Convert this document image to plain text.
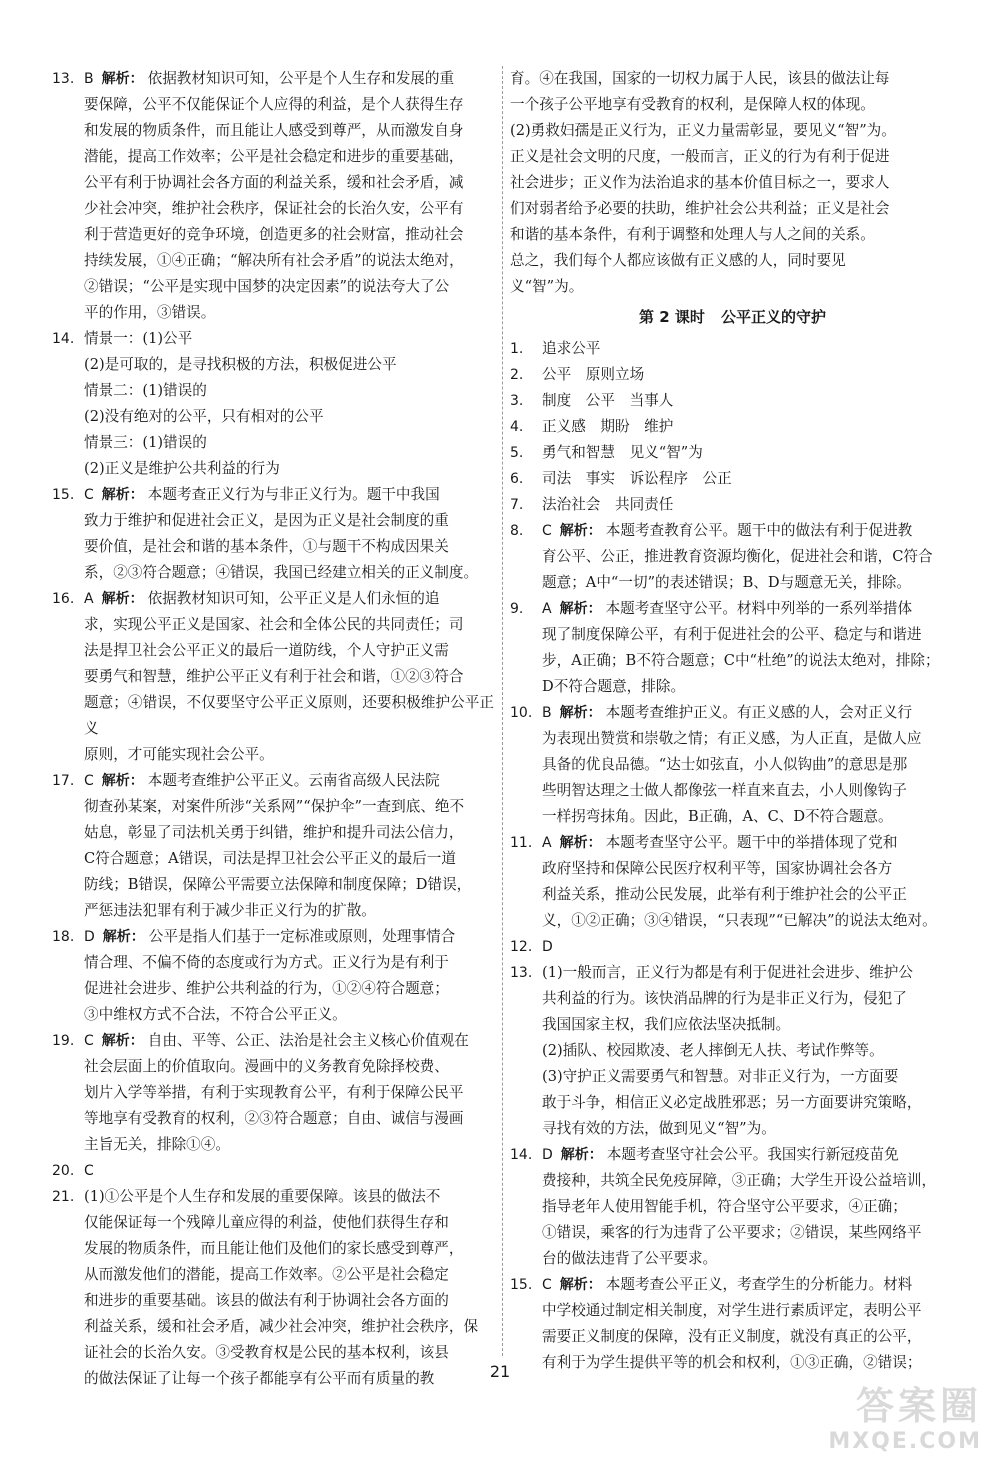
13. B 解析： 依据教材知识可知，公平是个人生存和发展的重
要保障，公平不仅能保证个人应得的利益，是个人获得生存
和发展的物质条件，而且能让人感受到尊严，从而激发自身
潜能，提高工作效率；公平是社会稳定和进步的重要基础，
公平有利于协调社会各方面的利益关系，缓和社会矛盾，减
少社会冲突，维护社会秩序，保证社会的长治久安，公平有
利于营造更好的竞争环境，创造更多的社会财富，推动社会
持续发展，①④正确；“解决所有社会矛盾”的说法太绝对，
②错误；“公平是实现中国梦的决定因素”的说法夸大了公
平的作用，③错误。
14. 情景一：(1)公平
(2)是可取的，是寻找积极的方法，积极促进公平
情景二：(1)错误的
(2)没有绝对的公平，只有相对的公平
情景三：(1)错误的
(2)正义是维护公共利益的行为
15. C 解析： 本题考查正义行为与非正义行为。题干中我国
致力于维护和促进社会正义，是因为正义是社会制度的重
要价值，是社会和谐的基本条件，①与题干不构成因果关
系，②③符合题意；④错误，我国已经建立相关的正义制度。
16. A 解析： 依据教材知识可知，公平正义是人们永恒的追
求，实现公平正义是国家、社会和全体公民的共同责任；司
法是捍卫社会公平正义的最后一道防线，个人守护正义需
要勇气和智慧，维护公平正义有利于社会和谐，①②③符合
题意；④错误，不仅要坚守公平正义原则，还要积极维护公平正义
原则，才可能实现社会公平。
17. C 解析： 本题考查维护公平正义。云南省高级人民法院
彻查孙某案，对案件所涉“关系网”“保护伞”一查到底、绝不
姑息，彰显了司法机关勇于纠错，维护和提升司法公信力，
C符合题意；A错误，司法是捍卫社会公平正义的最后一道
防线；B错误，保障公平需要立法保障和制度保障；D错误，
严惩违法犯罪有利于减少非正义行为的扩散。
18. D 解析： 公平是指人们基于一定标准或原则，处理事情合
情合理、不偏不倚的态度或行为方式。正义行为是有利于
促进社会进步、维护公共利益的行为，①②④符合题意；
③中维权方式不合法，不符合公平正义。
19. C 解析： 自由、平等、公正、法治是社会主义核心价值观在
社会层面上的价值取向。漫画中的义务教育免除择校费、
划片入学等举措，有利于实现教育公平，有利于保障公民平
等地享有受教育的权利，②③符合题意；自由、诚信与漫画
主旨无关，排除①④。
20. C
21. (1)①公平是个人生存和发展的重要保障。该县的做法不
仅能保证每一个残障儿童应得的利益，使他们获得生存和
发展的物质条件，而且能让他们及他们的家长感受到尊严，
从而激发他们的潜能，提高工作效率。②公平是社会稳定
和进步的重要基础。该县的做法有利于协调社会各方面的
利益关系，缓和社会矛盾，减少社会冲突，维护社会秩序，保
证社会的长治久安。③受教育权是公民的基本权利，该县
的做法保证了让每一个孩子都能享有公平而有质量的教
育。④在我国，国家的一切权力属于人民，该县的做法让每
一个孩子公平地享有受教育的权利，是保障人权的体现。
(2)勇救妇孺是正义行为，正义力量需彰显，要见义“智”为。
正义是社会文明的尺度，一般而言，正义的行为有利于促进
社会进步；正义作为法治追求的基本价值目标之一，要求人
们对弱者给予必要的扶助，维护社会公共利益；正义是社会
和谐的基本条件，有利于调整和处理人与人之间的关系。
总之，我们每个人都应该做有正义感的人，同时要见
义“智”为。
第 2 课时 公平正义的守护
1.	追求公平
2.	公平　原则立场
3.	制度　公平　当事人
4.	正义感　期盼　维护
5.	勇气和智慧　见义“智”为
6.	司法　事实　诉讼程序　公正
7.	法治社会　共同责任
8.	C 解析： 本题考查教育公平。题干中的做法有利于促进教
育公平、公正，推进教育资源均衡化，促进社会和谐，C符合
题意；A中“一切”的表述错误；B、D与题意无关，排除。
9.	A 解析： 本题考查坚守公平。材料中列举的一系列举措体
现了制度保障公平，有利于促进社会的公平、稳定与和谐进
步，A正确；B不符合题意；C中“杜绝”的说法太绝对，排除；
D不符合题意，排除。
10. B 解析： 本题考查维护正义。有正义感的人，会对正义行
为表现出赞赏和崇敬之情；有正义感，为人正直，是做人应
具备的优良品德。“达士如弦直，小人似钩曲”的意思是那
些明智达理之士做人都像弦一样直来直去，小人则像钩子
一样拐弯抹角。因此，B正确，A、C、D不符合题意。
11. A 解析： 本题考查坚守公平。题干中的举措体现了党和
政府坚持和保障公民医疗权利平等，国家协调社会各方
利益关系，推动公民发展，此举有利于维护社会的公平正
义，①②正确；③④错误，“只表现”“已解决”的说法太绝对。
12. D
13. (1)一般而言，正义行为都是有利于促进社会进步、维护公
共利益的行为。该快消品牌的行为是非正义行为，侵犯了
我国国家主权，我们应依法坚决抵制。
(2)插队、校园欺凌、老人摔倒无人扶、考试作弊等。
(3)守护正义需要勇气和智慧。对非正义行为，一方面要
敢于斗争，相信正义必定战胜邪恶；另一方面要讲究策略，
寻找有效的方法，做到见义“智”为。
14. D 解析： 本题考查坚守社会公平。我国实行新冠疫苗免
费接种，共筑全民免疫屏障，③正确；大学生开设公益培训，
指导老年人使用智能手机，符合坚守公平要求，④正确；
①错误，乘客的行为违背了公平要求；②错误，某些网络平
台的做法违背了公平要求。
15. C 解析： 本题考查公平正义，考查学生的分析能力。材料
中学校通过制定相关制度，对学生进行素质评定，表明公平
需要正义制度的保障，没有正义制度，就没有真正的公平，
有利于为学生提供平等的机会和权利，①③正确，②错误；
21
答案圈
MXQE.COM
